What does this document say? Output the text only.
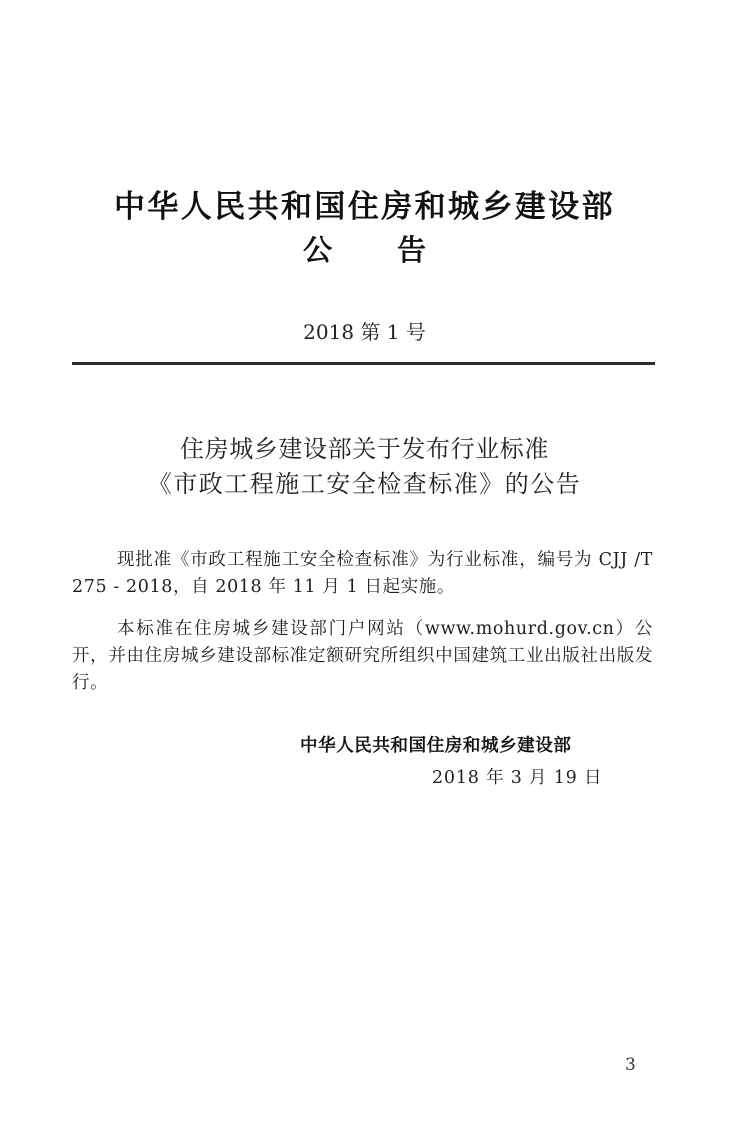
中华人民共和国住房和城乡建设部
公 告
2018 第 1 号
住房城乡建设部关于发布行业标准
《市政工程施工安全检查标准》的公告

现批准《市政工程施工安全检查标准》为行业标准，编号为 CJJ /T 275 - 2018，自 2018 年 11 月 1 日起实施。

本标准在住房城乡建设部门户网站（www.mohurd.gov.cn）公开，并由住房城乡建设部标准定额研究所组织中国建筑工业出版社出版发行。

中华人民共和国住房和城乡建设部
2018 年 3 月 19 日
3
